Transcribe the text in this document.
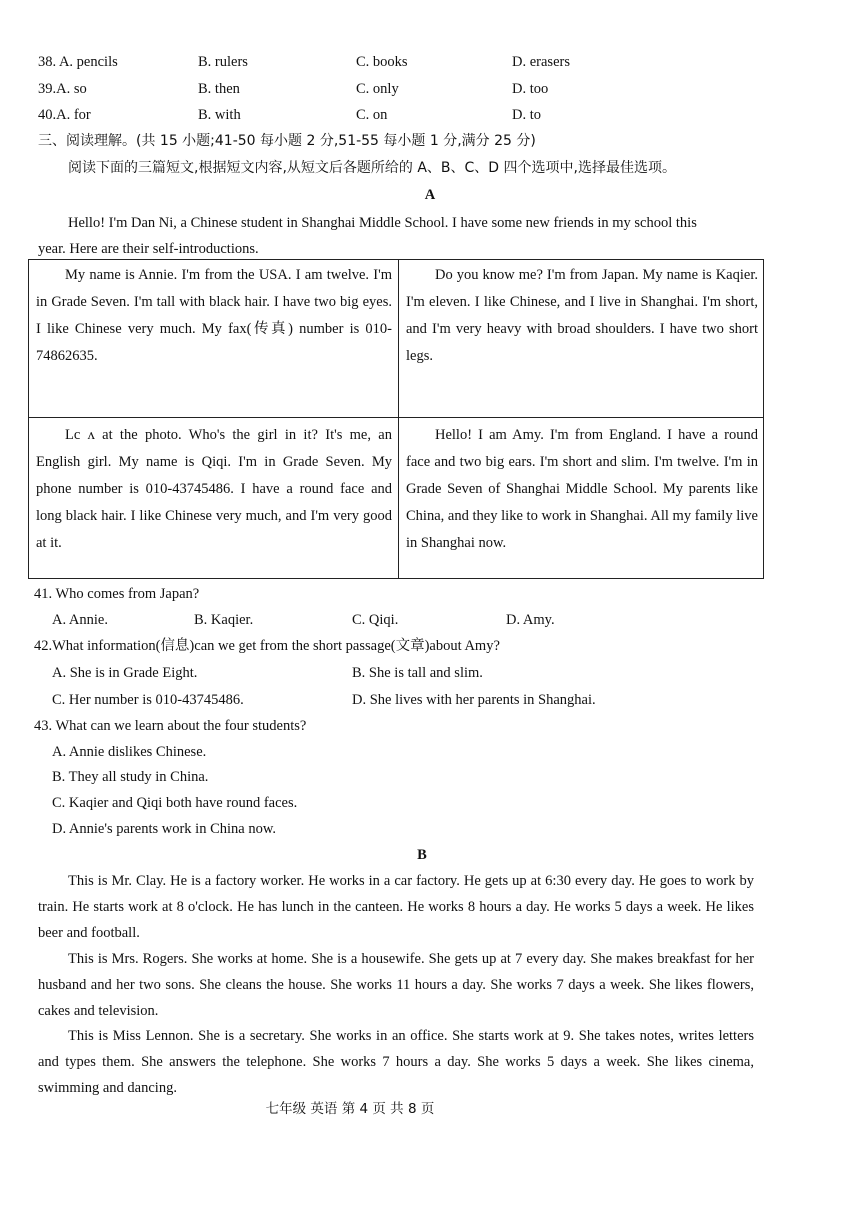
38. A. pencils	B. rulers	C. books	D. erasers
39.A. so	B. then	C. only	D. too
40.A. for	B. with	C. on	D. to
三、阅读理解。(共 15 小题;41-50 每小题 2 分,51-55 每小题 1 分,满分 25 分)
阅读下面的三篇短文,根据短文内容,从短文后各题所给的 A、B、C、D 四个选项中,选择最佳选项。
A
Hello! I'm Dan Ni, a Chinese student in Shanghai Middle School. I have some new friends in my school this
year. Here are their self-introductions.
My name is Annie. I'm from the USA. I am twelve. I'm in Grade Seven. I'm tall with black hair. I have two big eyes. I like Chinese very much. My fax(传真) number is 010-74862635.
Do you know me? I'm from Japan. My name is Kaqier. I'm eleven. I like Chinese, and I live in Shanghai. I'm short, and I'm very heavy with broad shoulders. I have two short legs.
Lc ʌ at the photo. Who's the girl in it? It's me, an English girl. My name is Qiqi. I'm in Grade Seven. My phone number is 010-43745486. I have a round face and long black hair. I like Chinese very much, and I'm very good at it.
Hello! I am Amy. I'm from England. I have a round face and two big ears. I'm short and slim. I'm twelve. I'm in Grade Seven of Shanghai Middle School. My parents like China, and they like to work in Shanghai. All my family live in Shanghai now.
41. Who comes from Japan?
A. Annie.	B. Kaqier.	C. Qiqi.	D. Amy.
42.What information(信息)can we get from the short passage(文章)about Amy?
A. She is in Grade Eight.	B. She is tall and slim.
C. Her number is 010-43745486.	D. She lives with her parents in Shanghai.
43. What can we learn about the four students?
A. Annie dislikes Chinese.
B. They all study in China.
C. Kaqier and Qiqi both have round faces.
D. Annie's parents work in China now.
B
This is Mr. Clay. He is a factory worker. He works in a car factory. He gets up at 6:30 every day. He goes to work by train. He starts work at 8 o'clock. He has lunch in the canteen. He works 8 hours a day. He works 5 days a week. He likes beer and football.
This is Mrs. Rogers. She works at home. She is a housewife. She gets up at 7 every day. She makes breakfast for her husband and her two sons. She cleans the house. She works 11 hours a day. She works 7 days a week. She likes flowers, cakes and television.
This is Miss Lennon. She is a secretary. She works in an office. She starts work at 9. She takes notes, writes letters and types them. She answers the telephone. She works 7 hours a day. She works 5 days a week. She likes cinema, swimming and dancing.
七年级 英语 第 4 页 共 8 页
